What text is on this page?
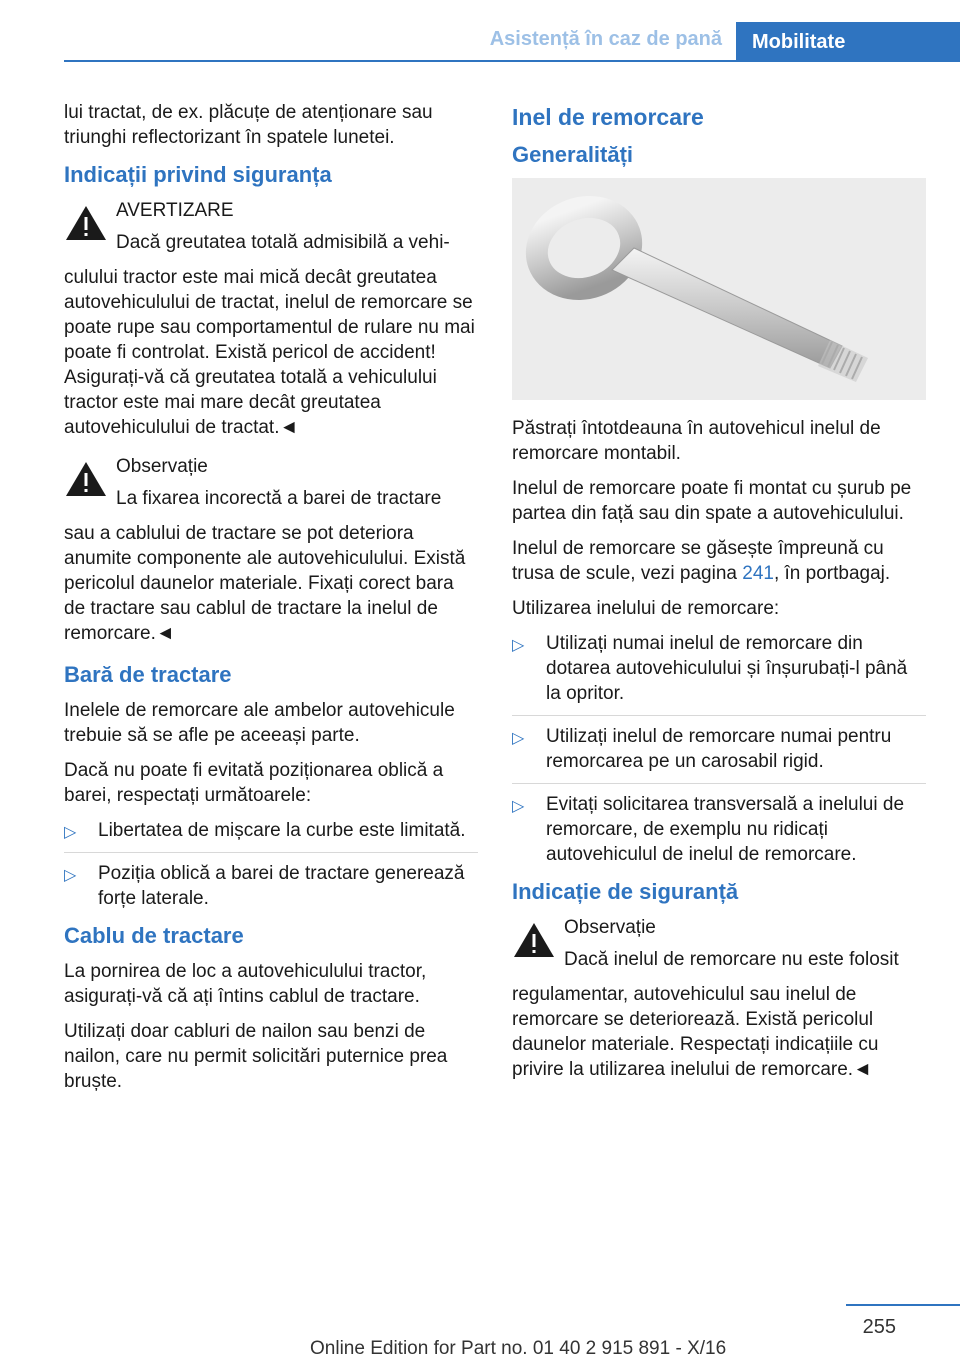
Asistență în caz de pană	Mobilitate

lui tractat, de ex. plăcuțe de atenționare sau triunghi reflectorizant în spatele lunetei.

Indicații privind siguranța
AVERTIZARE

Dacă greutatea totală admisibilă a vehi-

culului tractor este mai mică decât greutatea autovehiculului de tractat, inelul de remorcare se poate rupe sau comportamentul de rulare nu mai poate fi controlat. Există pericol de accident! Asigurați-vă că greutatea totală a vehiculului tractor este mai mare decât greutatea autovehiculului de tractat.◄

Observație

La fixarea incorectă a barei de tractare

sau a cablului de tractare se pot deteriora anumite componente ale autovehiculului. Există pericolul daunelor materiale. Fixați corect bara de tractare sau cablul de tractare la inelul de remorcare.◄

Bară de tractare

Inelele de remorcare ale ambelor autovehicule trebuie să se afle pe aceeași parte.

Dacă nu poate fi evitată poziționarea oblică a barei, respectați următoarele:

▷ Libertatea de mișcare la curbe este limitată.
▷ Poziția oblică a barei de tractare generează forțe laterale.
Cablu de tractare

La pornirea de loc a autovehiculului tractor, asigurați-vă că ați întins cablul de tractare.

Utilizați doar cabluri de nailon sau benzi de nailon, care nu permit solicitări puternice prea bruște.

Inel de remorcare
Generalități

Păstrați întotdeauna în autovehicul inelul de remorcare montabil.

Inelul de remorcare poate fi montat cu șurub pe partea din față sau din spate a autovehiculului.

Inelul de remorcare se găsește împreună cu trusa de scule, vezi pagina 241, în portbagaj.

Utilizarea inelului de remorcare:

▷ Utilizați numai inelul de remorcare din dotarea autovehiculului și înșurubați-l până la opritor.
▷ Utilizați inelul de remorcare numai pentru remorcarea pe un carosabil rigid.
▷ Evitați solicitarea transversală a inelului de remorcare, de exemplu nu ridicați autovehiculul de inelul de remorcare.
Indicație de siguranță
Observație

Dacă inelul de remorcare nu este folosit

regulamentar, autovehiculul sau inelul de remorcare se deteriorează. Există pericolul daunelor materiale. Respectați indicațiile cu privire la utilizarea inelului de remorcare.◄

255
Online Edition for Part no. 01 40 2 915 891 - X/16
